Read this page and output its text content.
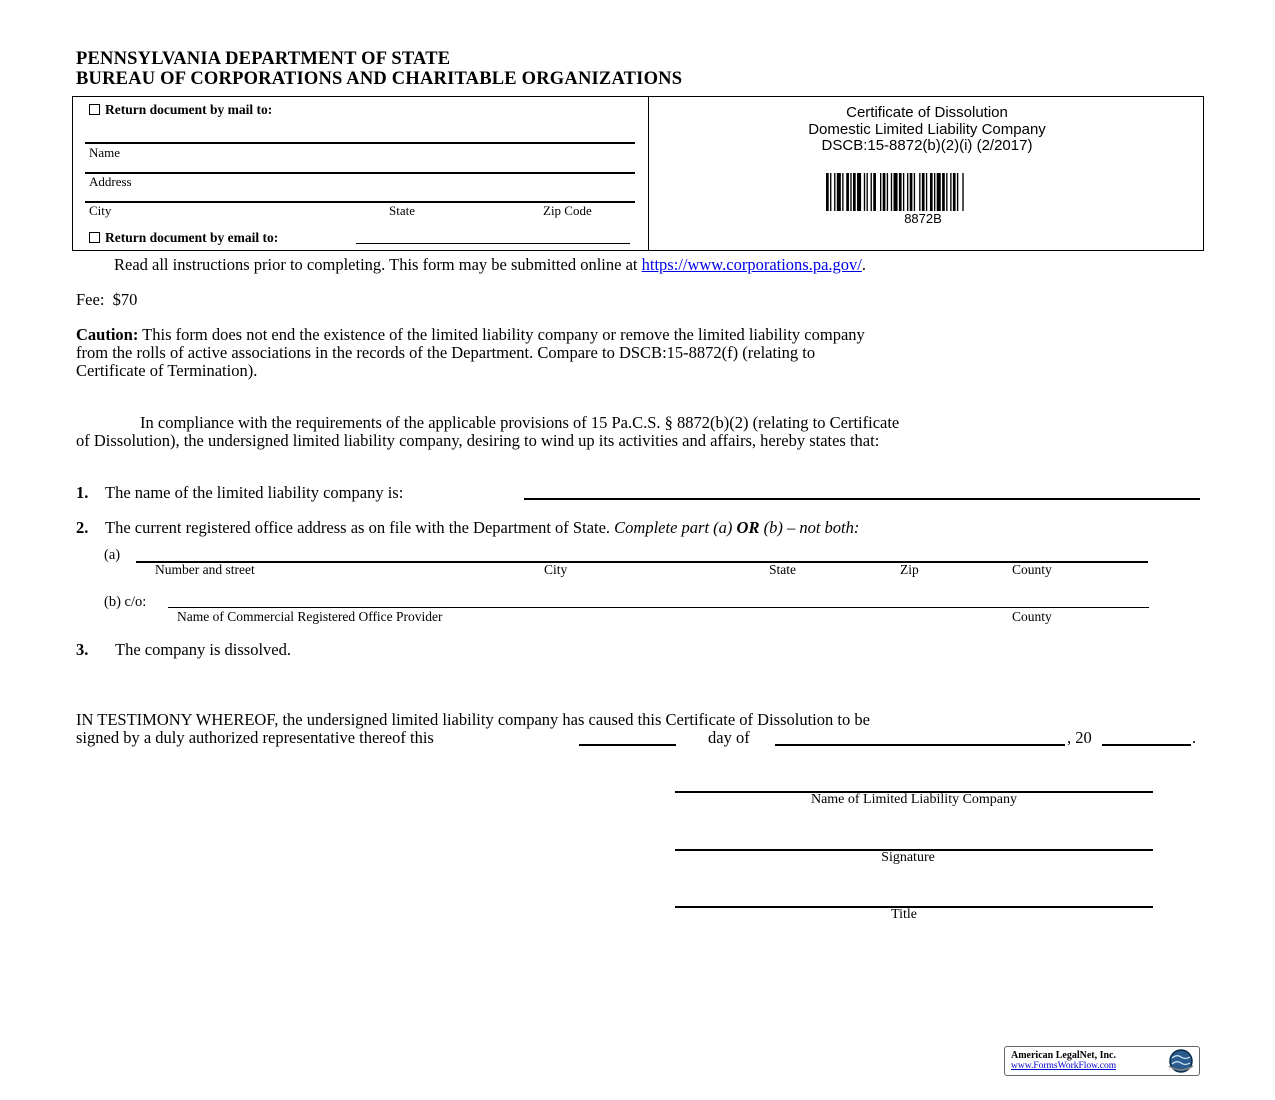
PENNSYLVANIA DEPARTMENT OF STATE
BUREAU OF CORPORATIONS AND CHARITABLE ORGANIZATIONS
Return document by mail to:
Name
Address
City	State	Zip Code
Return document by email to:
Certificate of Dissolution
Domestic Limited Liability Company
DSCB:15-8872(b)(2)(i) (2/2017)
8872B
Read all instructions prior to completing. This form may be submitted online at https://www.corporations.pa.gov/.
Fee: $70
Caution: This form does not end the existence of the limited liability company or remove the limited liability company
from the rolls of active associations in the records of the Department. Compare to DSCB:15-8872(f) (relating to
Certificate of Termination).
In compliance with the requirements of the applicable provisions of 15 Pa.C.S. § 8872(b)(2) (relating to Certificate
of Dissolution), the undersigned limited liability company, desiring to wind up its activities and affairs, hereby states that:
1. The name of the limited liability company is:
2. The current registered office address as on file with the Department of State. Complete part (a) OR (b) – not both:
(a)
Number and street	City	State	Zip	County
(b) c/o:
Name of Commercial Registered Office Provider	County
3. The company is dissolved.
IN TESTIMONY WHEREOF, the undersigned limited liability company has caused this Certificate of Dissolution to be
signed by a duly authorized representative thereof this	day of	, 20	.
Name of Limited Liability Company
Signature
Title
American LegalNet, Inc.
www.FormsWorkFlow.com
